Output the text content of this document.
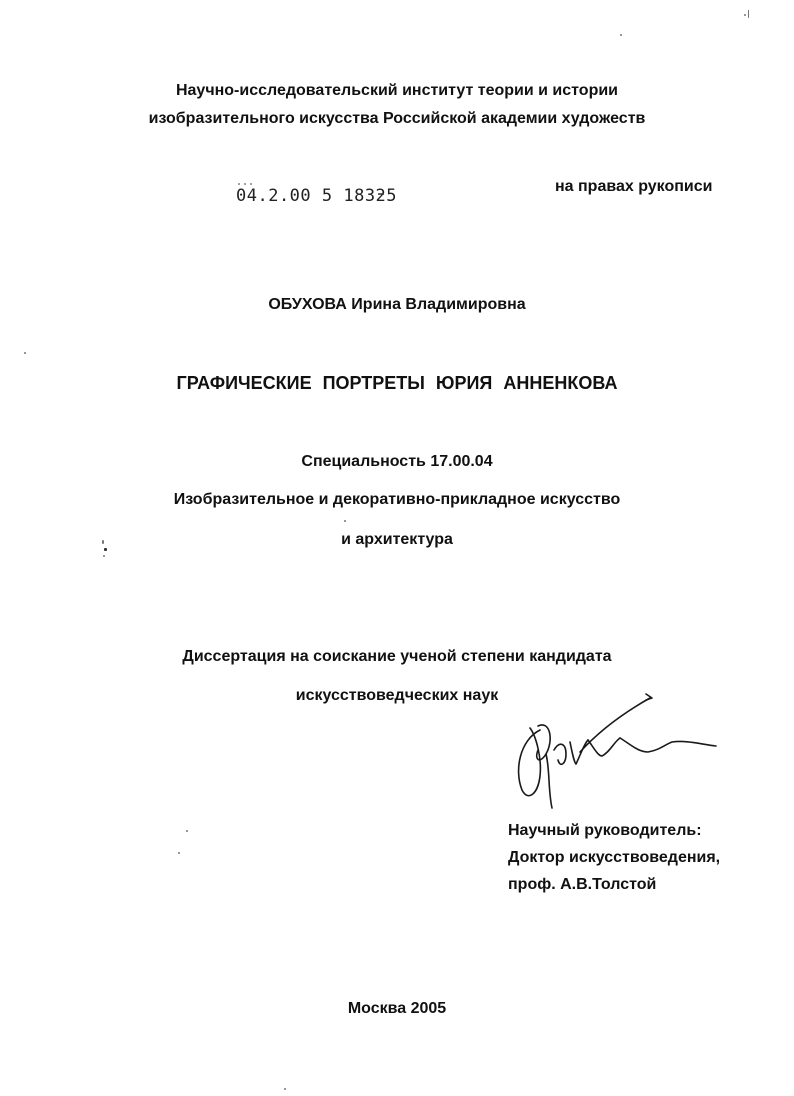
Научно-исследовательский институт теории и истории
изобразительного искусства Российской академии художеств
04.2.00 5 18325	на правах рукописи
ОБУХОВА Ирина Владимировна
ГРАФИЧЕСКИЕ ПОРТРЕТЫ ЮРИЯ АННЕНКОВА
Специальность 17.00.04
Изобразительное и декоративно-прикладное искусство
и архитектура
Диссертация на соискание ученой степени кандидата
искусствоведческих наук
Научный руководитель:
Доктор искусствоведения,
проф. А.В.Толстой
Москва 2005
